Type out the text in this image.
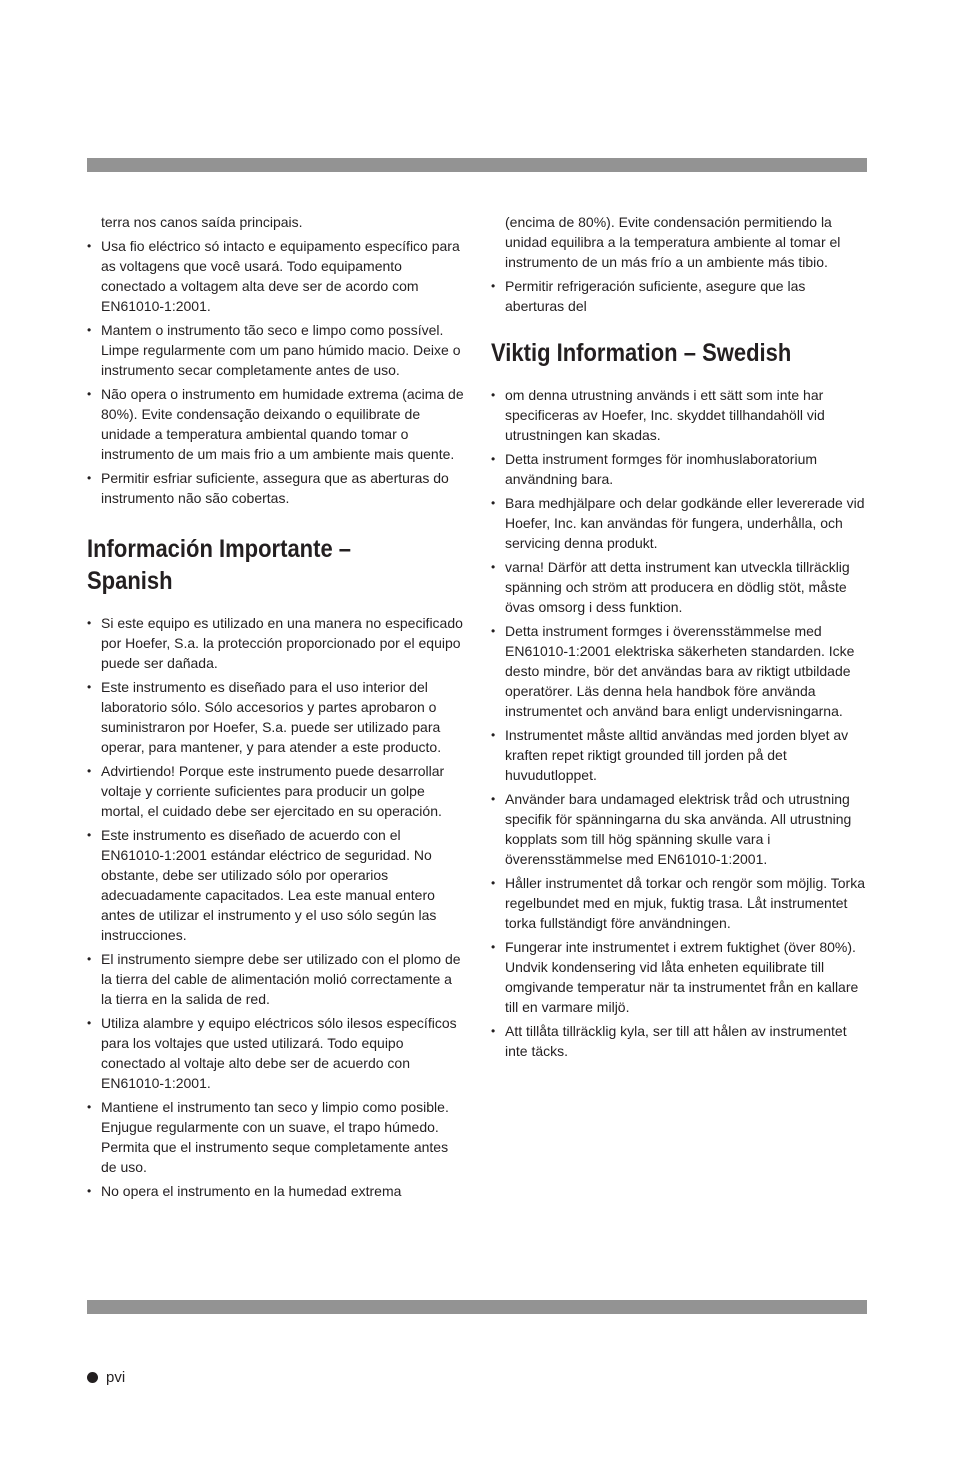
terra nos canos saída principais.

• Usa fio eléctrico só intacto e equipamento específico para as voltagens que você usará. Todo equipamento conectado a voltagem alta deve ser de acordo com EN61010-1:2001.
• Mantem o instrumento tão seco e limpo como possível. Limpe regularmente com um pano húmido macio. Deixe o instrumento secar completamente antes de uso.
• Não opera o instrumento em humidade extrema (acima de 80%). Evite condensação deixando o equilibrate de unidade a temperatura ambiental quando tomar o instrumento de um mais frio a um ambiente mais quente.
• Permitir esfriar suficiente, assegura que as aberturas do instrumento não são cobertas.
Información Importante –
Spanish
• Si este equipo es utilizado en una manera no especificado por Hoefer, S.a. la protección proporcionado por el equipo puede ser dañada.
• Este instrumento es diseñado para el uso interior del laboratorio sólo. Sólo accesorios y partes aprobaron o suministraron por Hoefer, S.a. puede ser utilizado para operar, para mantener, y para atender a este producto.
• Advirtiendo! Porque este instrumento puede desarrollar voltaje y corriente suficientes para producir un golpe mortal, el cuidado debe ser ejercitado en su operación.
• Este instrumento es diseñado de acuerdo con el EN61010-1:2001 estándar eléctrico de seguridad. No obstante, debe ser utilizado sólo por operarios adecuadamente capacitados. Lea este manual entero antes de utilizar el instrumento y el uso sólo según las instrucciones.
• El instrumento siempre debe ser utilizado con el plomo de la tierra del cable de alimentación molió correctamente a la tierra en la salida de red.
• Utiliza alambre y equipo eléctricos sólo ilesos específicos para los voltajes que usted utilizará. Todo equipo conectado al voltaje alto debe ser de acuerdo con EN61010-1:2001.
• Mantiene el instrumento tan seco y limpio como posible. Enjugue regularmente con un suave, el trapo húmedo. Permita que el instrumento seque completamente antes de uso.
• No opera el instrumento en la humedad extrema

(encima de 80%). Evite condensación permitiendo la unidad equilibra a la temperatura ambiente al tomar el instrumento de un más frío a un ambiente más tibio.

• Permitir refrigeración suficiente, asegure que las aberturas del
Viktig Information – Swedish
• om denna utrustning används i ett sätt som inte har specificeras av Hoefer, Inc. skyddet tillhandahöll vid utrustningen kan skadas.
• Detta instrument formges för inomhuslaboratorium användning bara.
• Bara medhjälpare och delar godkände eller levererade vid Hoefer, Inc. kan användas för fungera, underhålla, och servicing denna produkt.
• varna! Därför att detta instrument kan utveckla tillräcklig spänning och ström att producera en dödlig stöt, måste övas omsorg i dess funktion.
• Detta instrument formges i överensstämmelse med EN61010-1:2001 elektriska säkerheten standarden. Icke desto mindre, bör det användas bara av riktigt utbildade operatörer. Läs denna hela handbok före använda instrumentet och använd bara enligt undervisningarna.
• Instrumentet måste alltid användas med jorden blyet av kraften repet riktigt grounded till jorden på det huvudutloppet.
• Använder bara undamaged elektrisk tråd och utrustning specifik för spänningarna du ska använda. All utrustning kopplats som till hög spänning skulle vara i överensstämmelse med EN61010-1:2001.
• Håller instrumentet då torkar och rengör som möjlig. Torka regelbundet med en mjuk, fuktig trasa. Låt instrumentet torka fullständigt före användningen.
• Fungerar inte instrumentet i extrem fuktighet (över 80%). Undvik kondensering vid låta enheten equilibrate till omgivande temperatur när ta instrumentet från en kallare till en varmare miljö.
• Att tillåta tillräcklig kyla, ser till att hålen av instrumentet inte täcks.
pvi
